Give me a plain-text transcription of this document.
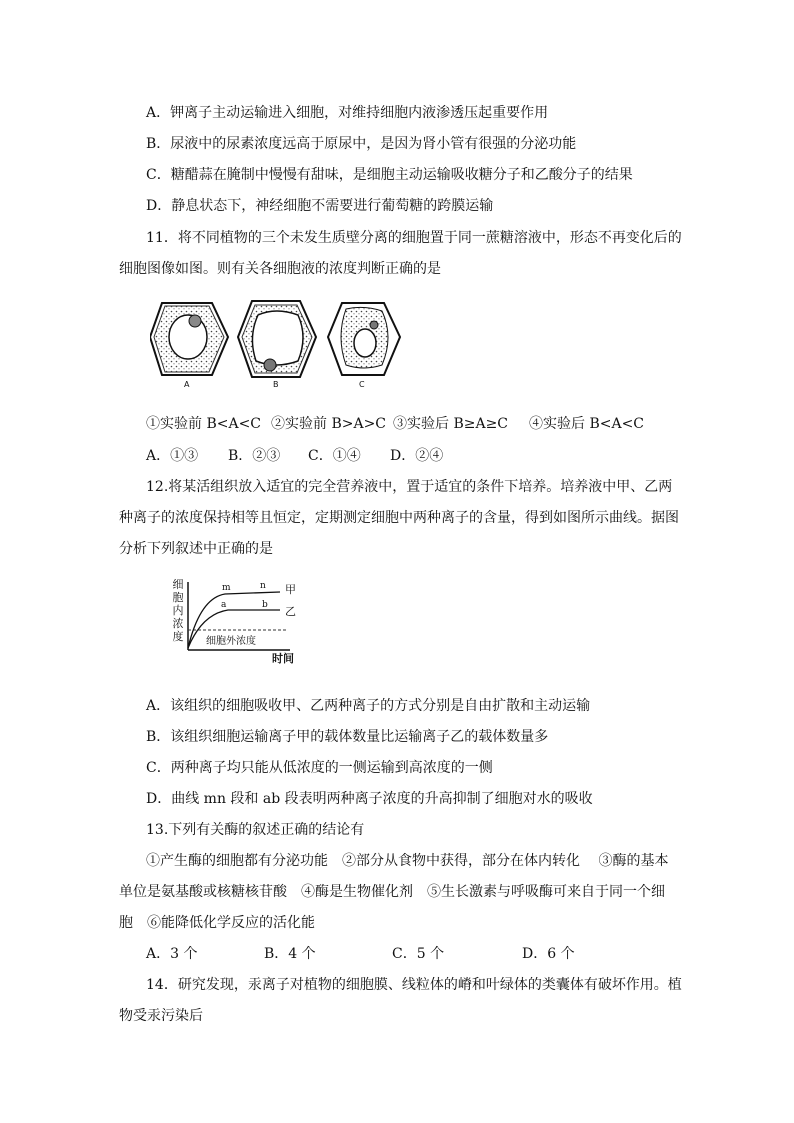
A．钾离子主动运输进入细胞，对维持细胞内液渗透压起重要作用
B．尿液中的尿素浓度远高于原尿中，是因为肾小管有很强的分泌功能
C．糖醋蒜在腌制中慢慢有甜味，是细胞主动运输吸收糖分子和乙酸分子的结果
D．静息状态下，神经细胞不需要进行葡萄糖的跨膜运输
11．将不同植物的三个未发生质壁分离的细胞置于同一蔗糖溶液中，形态不再变化后的
细胞图像如图。则有关各细胞液的浓度判断正确的是
A	B	C
①实验前 B<A<C ②实验前 B>A>C ③实验后 B≥A≥C ④实验后 B<A<C
A．①③ B．②③ C．①④ D．②④
12.将某活组织放入适宜的完全营养液中，置于适宜的条件下培养。培养液中甲、乙两
种离子的浓度保持相等且恒定，定期测定细胞中两种离子的含量，得到如图所示曲线。据图
分析下列叙述中正确的是
细
胞
内
浓
度
m	n 甲
a	b 乙
细胞外浓度
时间
A．该组织的细胞吸收甲、乙两种离子的方式分别是自由扩散和主动运输
B．该组织细胞运输离子甲的载体数量比运输离子乙的载体数量多
C．两种离子均只能从低浓度的一侧运输到高浓度的一侧
D．曲线 mn 段和 ab 段表明两种离子浓度的升高抑制了细胞对水的吸收
13.下列有关酶的叙述正确的结论有
①产生酶的细胞都有分泌功能　②部分从食物中获得，部分在体内转化　 ③酶的基本
单位是氨基酸或核糖核苷酸　④酶是生物催化剂　⑤生长激素与呼吸酶可来自于同一个细
胞　⑥能降低化学反应的活化能
A．3 个	B．4 个	C．5 个	D．6 个
14．研究发现，汞离子对植物的细胞膜、线粒体的嵴和叶绿体的类囊体有破坏作用。植
物受汞污染后
